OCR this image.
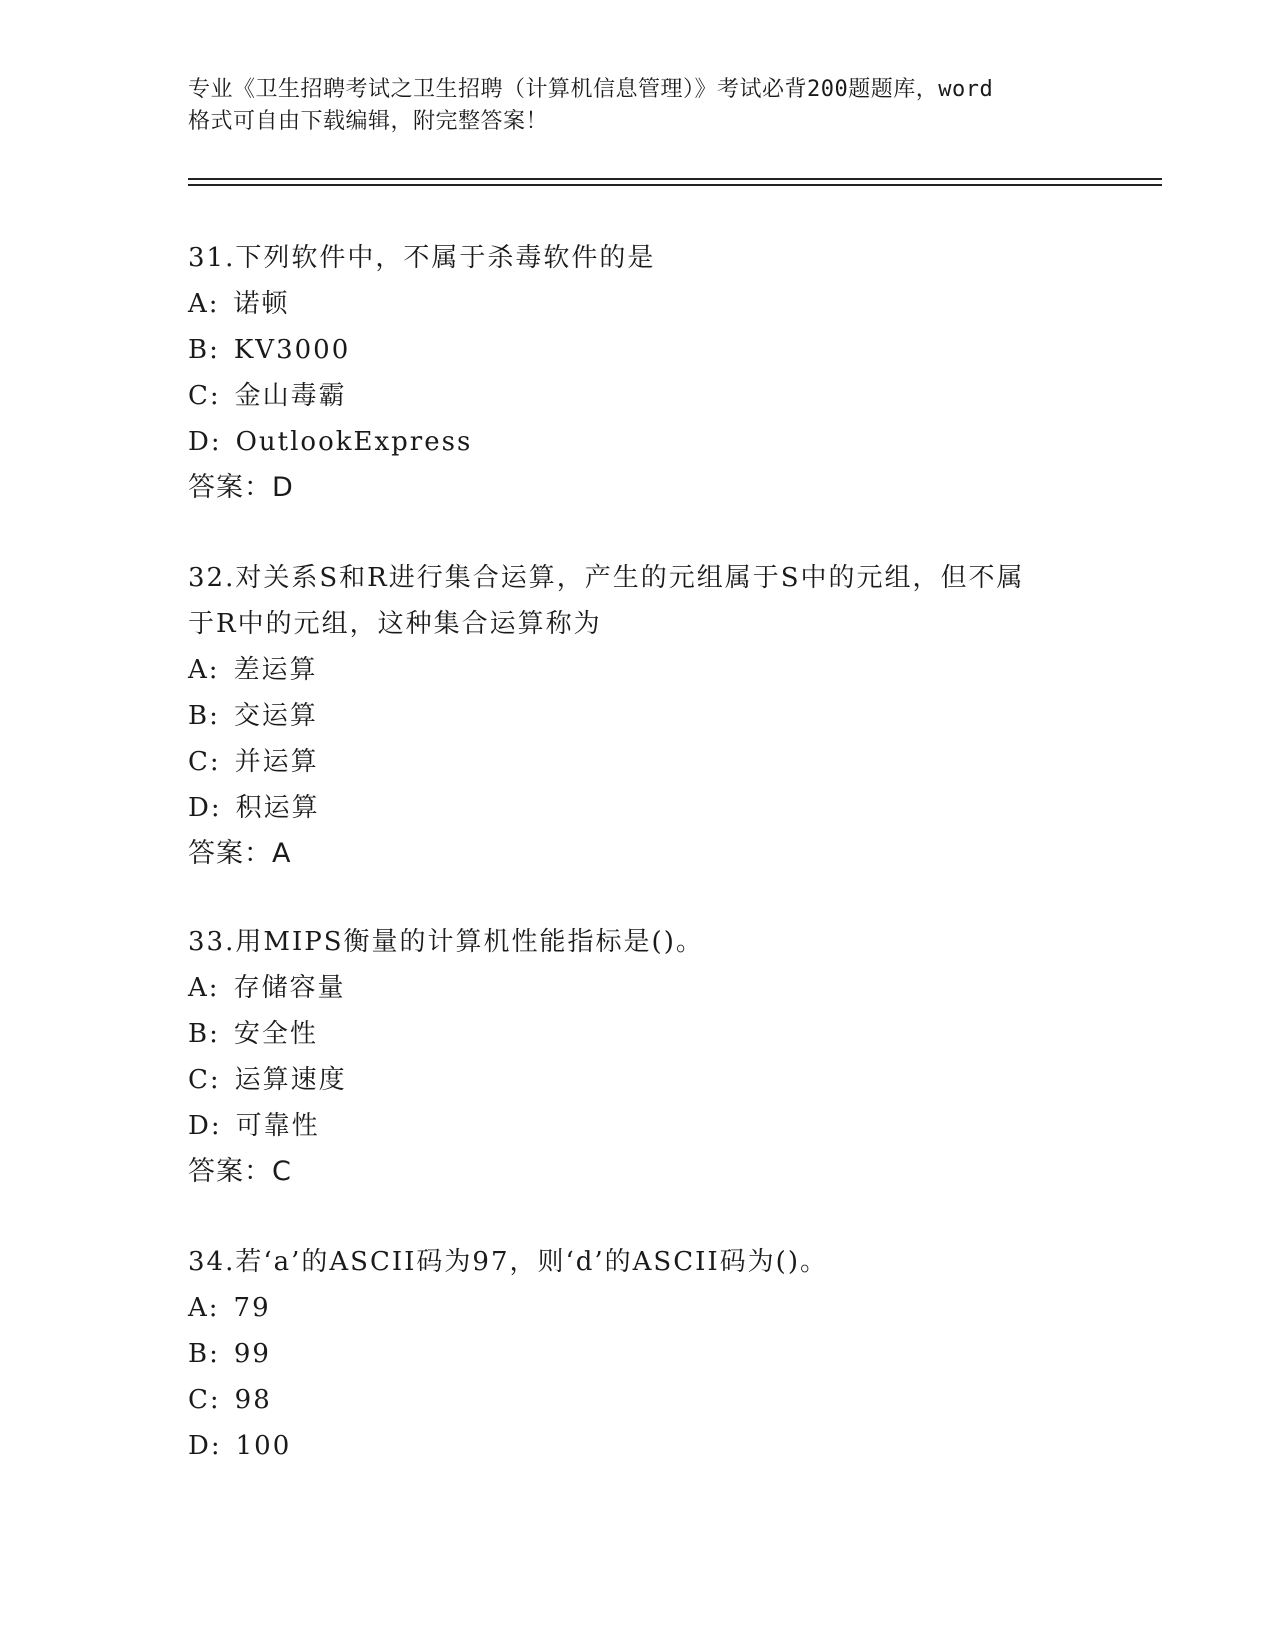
专业《卫生招聘考试之卫生招聘（计算机信息管理）》考试必背200题题库，word
格式可自由下载编辑，附完整答案！
31.下列软件中，不属于杀毒软件的是
A: 诺顿
B: KV3000
C: 金山毒霸
D: OutlookExpress
答案：D
32.对关系S和R进行集合运算，产生的元组属于S中的元组，但不属
于R中的元组，这种集合运算称为
A: 差运算
B: 交运算
C: 并运算
D: 积运算
答案：A
33.用MIPS衡量的计算机性能指标是()。
A: 存储容量
B: 安全性
C: 运算速度
D: 可靠性
答案：C
34.若‘a’的ASCII码为97，则‘d’的ASCII码为()。
A: 79
B: 99
C: 98
D: 100
